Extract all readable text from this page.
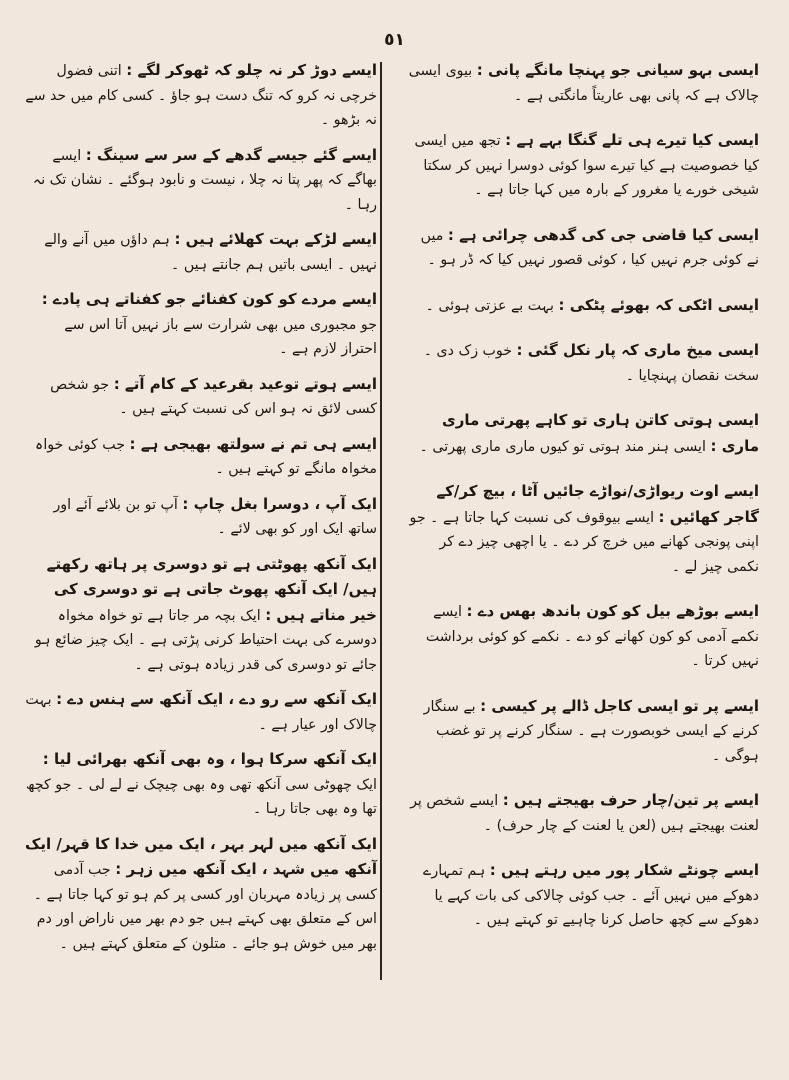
٥١
ایسی بہو سیانی جو پہنچا مانگے پانی : بیوی ایسی چالاک ہے کہ پانی بھی عاریتاً مانگتی ہے ۔
ایسی کیا تیرے ہی تلے گنگا بہے ہے : تجھ میں ایسی کیا خصوصیت ہے کیا تیرے سوا کوئی دوسرا نہیں کر سکتا شیخی خورے یا مغرور کے بارہ میں کہا جاتا ہے ۔
ایسی کیا قاضی جی کی گدھی چرائی ہے : میں نے کوئی جرم نہیں کیا ، کوئی قصور نہیں کیا کہ ڈر ہو ۔
ایسی اٹکی کہ بھوئے پٹکی : بہت بے عزتی ہوئی ۔
ایسی میخ ماری کہ پار نکل گئی : خوب زک دی ۔ سخت نقصان پہنچایا ۔
ایسی ہوتی کاتن ہاری تو کاہے پھرتی ماری ماری : ایسی ہنر مند ہوتی تو کیوں ماری ماری پھرتی ۔
ایسے اوت ریواڑی/نواڑے جائیں آٹا ، بیچ کر/کے گاجر کھائیں : ایسے بیوقوف کی نسبت کہا جاتا ہے ۔ جو اپنی پونجی کھانے میں خرچ کر دے ۔ یا اچھی چیز دے کر نکمی چیز لے ۔
ایسے بوڑھے بیل کو کون باندھ بھس دے : ایسے نکمے آدمی کو کون کھانے کو دے ۔ نکمے کو کوئی برداشت نہیں کرتا ۔
ایسے پر تو ایسی کاجل ڈالے پر کیسی : بے سنگار کرنے کے ایسی خوبصورت ہے ۔ سنگار کرنے پر تو غضب ہوگی ۔
ایسے پر تین/چار حرف بھیجتے ہیں : ایسے شخص پر لعنت بھیجتے ہیں (لعن یا لعنت کے چار حرف) ۔
ایسے چونٹے شکار پور میں رہتے ہیں : ہم تمہارے دھوکے میں نہیں آئے ۔ جب کوئی چالاکی کی بات کہے یا دھوکے سے کچھ حاصل کرنا چاہیے تو کہتے ہیں ۔
ایسے دوڑ کر نہ چلو کہ ٹھوکر لگے : اتنی فضول خرچی نہ کرو کہ تنگ دست ہو جاؤ ۔ کسی کام میں حد سے نہ بڑھو ۔
ایسے گئے جیسے گدھے کے سر سے سینگ : ایسے بھاگے کہ پھر پتا نہ چلا ، نیست و نابود ہوگئے ۔ نشان تک نہ رہا ۔
ایسے لڑکے بہت کھلائے ہیں : ہم داؤں میں آنے والے نہیں ۔ ایسی باتیں ہم جانتے ہیں ۔
ایسے مردے کو کون کفنائے جو کفناتے ہی پادے : جو مجبوری میں بھی شرارت سے باز نہیں آتا اس سے احتراز لازم ہے ۔
ایسے ہوتے توعید بقرعید کے کام آتے : جو شخص کسی لائق نہ ہو اس کی نسبت کہتے ہیں ۔
ایسے ہی تم نے سولتھ بھیجی ہے : جب کوئی خواہ مخواہ مانگے تو کہتے ہیں ۔
ایک آپ ، دوسرا بغل چاپ : آپ تو بن بلائے آئے اور ساتھ ایک اور کو بھی لائے ۔
ایک آنکھ پھوٹتی ہے تو دوسری پر ہاتھ رکھتے ہیں/ ایک آنکھ پھوٹ جاتی ہے تو دوسری کی خیر مناتے ہیں : ایک بچہ مر جاتا ہے تو خواہ مخواہ دوسرے کی بہت احتیاط کرنی پڑتی ہے ۔ ایک چیز ضائع ہو جائے تو دوسری کی قدر زیادہ ہوتی ہے ۔
ایک آنکھ سے رو دے ، ایک آنکھ سے ہنس دے : بہت چالاک اور عیار ہے ۔
ایک آنکھ سرکا ہوا ، وہ بھی آنکھ بھرائی لیا : ایک چھوٹی سی آنکھ تھی وہ بھی چیچک نے لے لی ۔ جو کچھ تھا وہ بھی جاتا رہا ۔
ایک آنکھ میں لہر بہر ، ایک میں خدا کا قہر/ ایک آنکھ میں شہد ، ایک آنکھ میں زہر : جب آدمی کسی پر زیادہ مہربان اور کسی پر کم ہو تو کہا جاتا ہے ۔ اس کے متعلق بھی کہتے ہیں جو دم بھر میں ناراض اور دم بھر میں خوش ہو جائے ۔ متلون کے متعلق کہتے ہیں ۔
